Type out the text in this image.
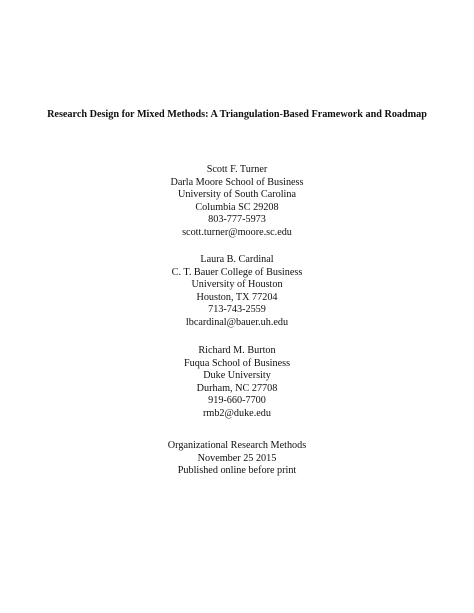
Research Design for Mixed Methods: A Triangulation-Based Framework and Roadmap
Scott F. Turner
Darla Moore School of Business
University of South Carolina
Columbia SC 29208
803-777-5973
scott.turner@moore.sc.edu
Laura B. Cardinal
C. T. Bauer College of Business
University of Houston
Houston, TX 77204
713-743-2559
lbcardinal@bauer.uh.edu
Richard M. Burton
Fuqua School of Business
Duke University
Durham, NC 27708
919-660-7700
rmb2@duke.edu
Organizational Research Methods
November 25 2015
Published online before print
